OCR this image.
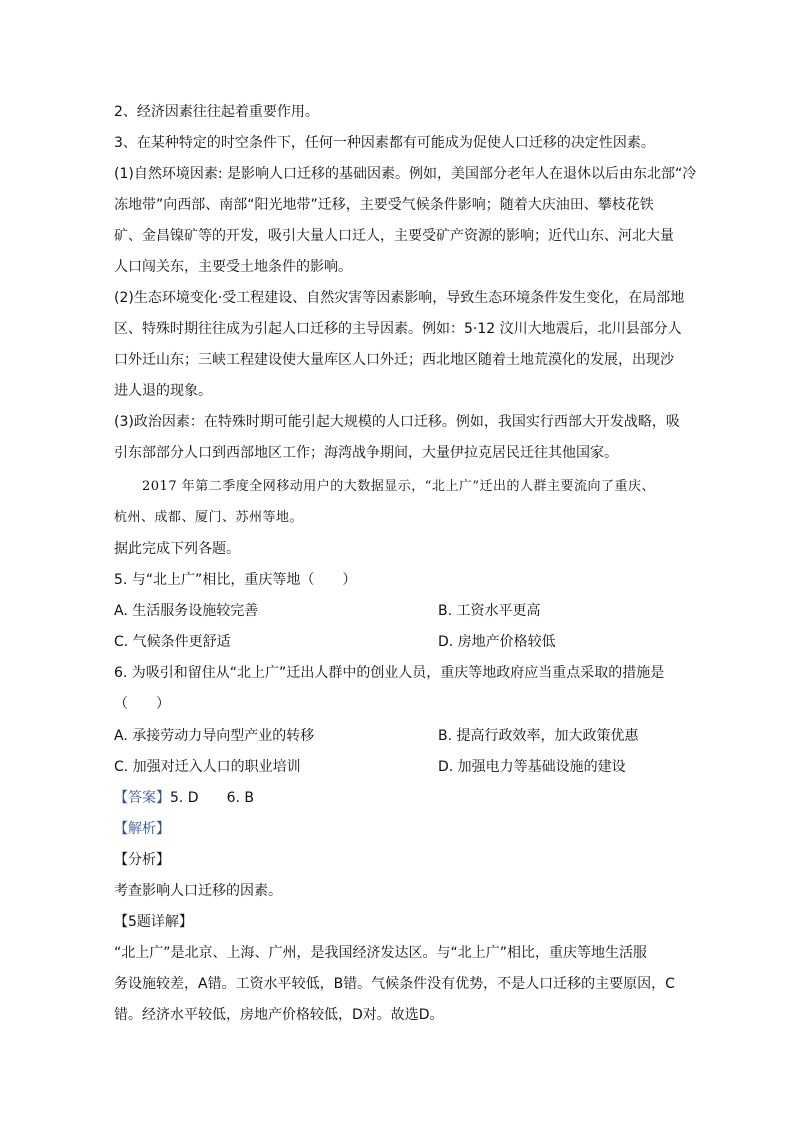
2、经济因素往往起着重要作用。
3、在某种特定的时空条件下，任何一种因素都有可能成为促使人口迁移的决定性因素。
(1)自然环境因素: 是影响人口迁移的基础因素。例如，美国部分老年人在退休以后由东北部“冷
冻地带”向西部、南部“阳光地带”迁移，主要受气候条件影响；随着大庆油田、攀枝花铁
矿、金昌镍矿等的开发，吸引大量人口迁人，主要受矿产资源的影响；近代山东、河北大量
人口闯关东，主要受土地条件的影响。
(2)生态环境变化·受工程建设、自然灾害等因素影响，导致生态环境条件发生变化，在局部地
区、特殊时期往往成为引起人口迁移的主导因素。例如：5·12 汶川大地震后，北川县部分人
口外迁山东；三峡工程建设使大量库区人口外迁；西北地区随着土地荒漠化的发展，出现沙
进人退的现象。
(3)政治因素：在特殊时期可能引起大规模的人口迁移。例如，我国实行西部大开发战略，吸
引东部部分人口到西部地区工作；海湾战争期间，大量伊拉克居民迁往其他国家。
2017 年第二季度全网移动用户的大数据显示，“北上广”迁出的人群主要流向了重庆、
杭州、成都、厦门、苏州等地。
据此完成下列各题。
5. 与“北上广”相比，重庆等地（　　）
A. 生活服务设施较完善	B. 工资水平更高
C. 气候条件更舒适	D. 房地产价格较低
6. 为吸引和留住从“北上广”迁出人群中的创业人员，重庆等地政府应当重点采取的措施是
（　　）
A. 承接劳动力导向型产业的转移	B. 提高行政效率，加大政策优惠
C. 加强对迁入人口的职业培训	D. 加强电力等基础设施的建设
【答案】5. D　　6. B
【解析】
【分析】
考查影响人口迁移的因素。
【5题详解】
“北上广”是北京、上海、广州，是我国经济发达区。与“北上广”相比，重庆等地生活服
务设施较差，A错。工资水平较低，B错。气候条件没有优势，不是人口迁移的主要原因，C
错。经济水平较低，房地产价格较低，D对。故选D。
